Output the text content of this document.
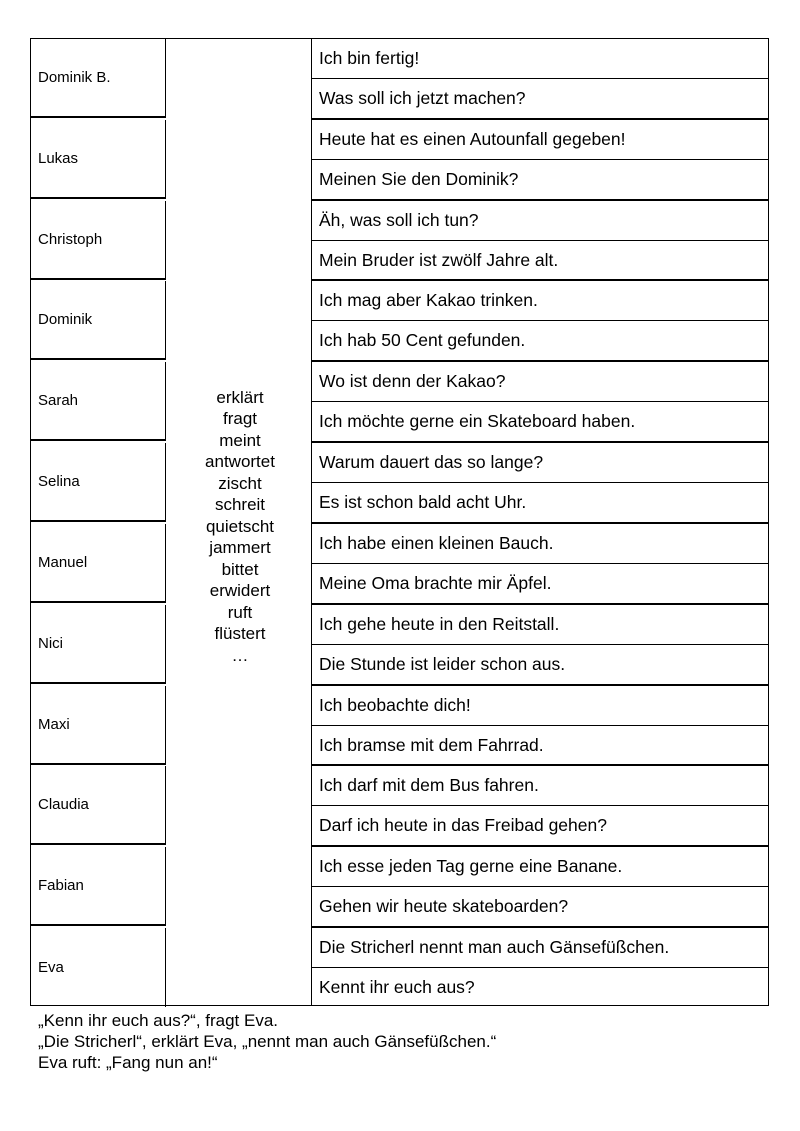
Dominik B.
Lukas
Christoph
Dominik
Sarah
Selina
Manuel
Nici
Maxi
Claudia
Fabian
Eva
erklärt
fragt
meint
antwortet
zischt
schreit
quietscht
jammert
bittet
erwidert
ruft
flüstert
…
Ich bin fertig!
Was soll ich jetzt machen?
Heute hat es einen Autounfall gegeben!
Meinen Sie den Dominik?
Äh, was soll ich tun?
Mein Bruder ist zwölf Jahre alt.
Ich mag aber Kakao trinken.
Ich hab 50 Cent gefunden.
Wo ist denn der Kakao?
Ich möchte gerne ein Skateboard haben.
Warum dauert das so lange?
Es ist schon bald acht Uhr.
Ich habe einen kleinen Bauch.
Meine Oma brachte mir Äpfel.
Ich gehe heute in den Reitstall.
Die Stunde ist leider schon aus.
Ich beobachte dich!
Ich bramse mit dem Fahrrad.
Ich darf mit dem Bus fahren.
Darf ich heute in das Freibad gehen?
Ich esse jeden Tag gerne eine Banane.
Gehen wir heute skateboarden?
Die Stricherl nennt man auch Gänsefüßchen.
Kennt ihr euch aus?
„Kenn ihr euch aus?“, fragt Eva.
„Die Stricherl“, erklärt Eva, „nennt man auch Gänsefüßchen.“
Eva ruft: „Fang nun an!“
